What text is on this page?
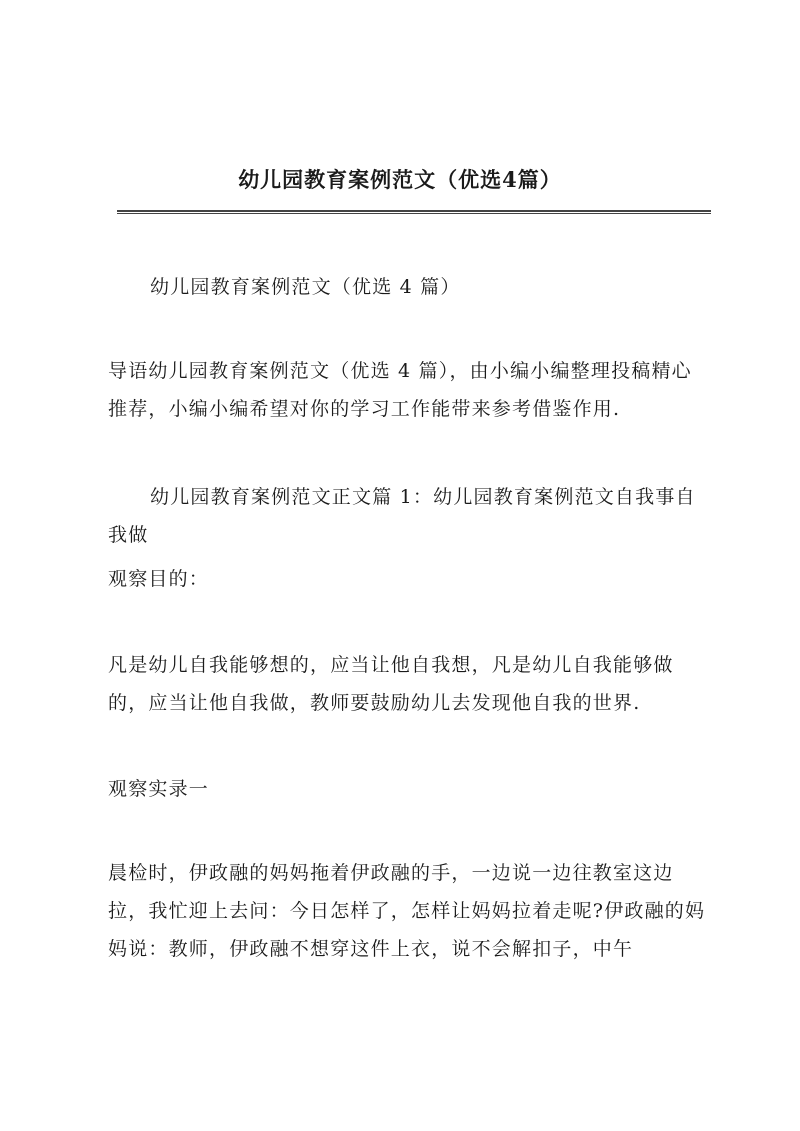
幼儿园教育案例范文（优选4篇）

幼儿园教育案例范文（优选 4 篇）

导语幼儿园教育案例范文（优选 4 篇），由小编小编整理投稿精心推荐，小编小编希望对你的学习工作能带来参考借鉴作用.

幼儿园教育案例范文正文篇 1：幼儿园教育案例范文自我事自我做

观察目的：

凡是幼儿自我能够想的，应当让他自我想，凡是幼儿自我能够做的，应当让他自我做，教师要鼓励幼儿去发现他自我的世界.

观察实录一

晨检时，伊政融的妈妈拖着伊政融的手，一边说一边往教室这边拉，我忙迎上去问：今日怎样了，怎样让妈妈拉着走呢?伊政融的妈妈说：教师，伊政融不想穿这件上衣，说不会解扣子，中午
